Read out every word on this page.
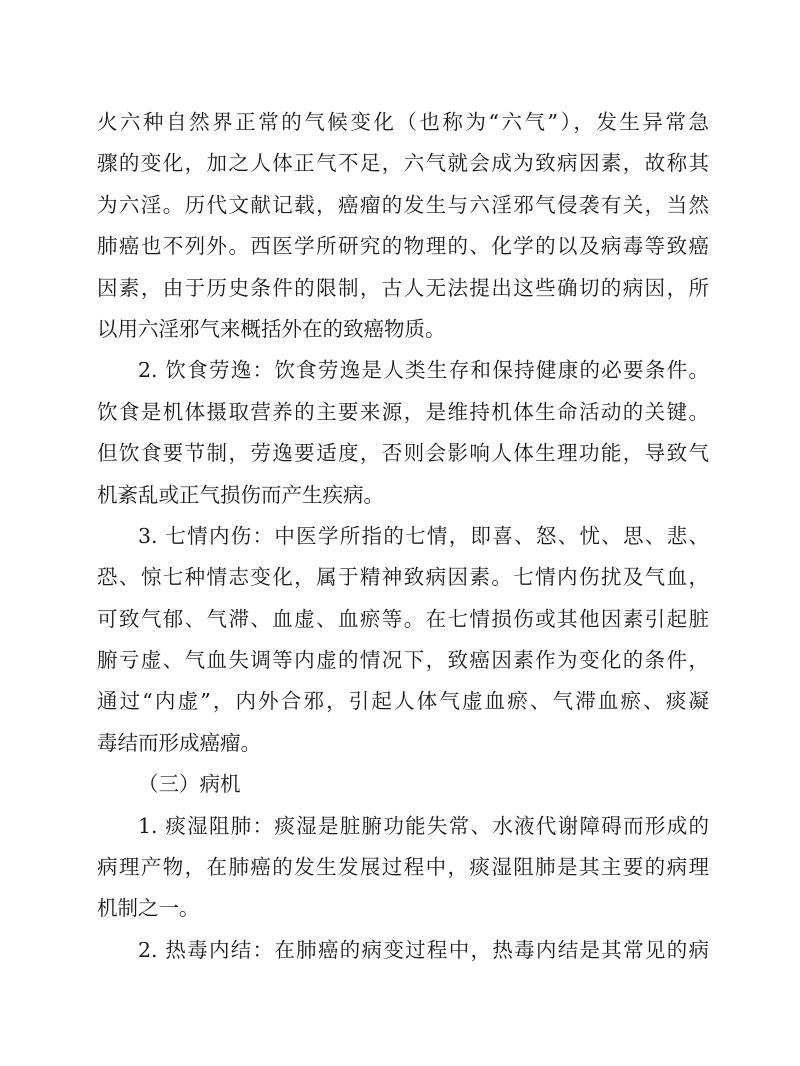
火六种自然界正常的气候变化（也称为“六气”），发生异常急
骤的变化，加之人体正气不足，六气就会成为致病因素，故称其
为六淫。历代文献记载，癌瘤的发生与六淫邪气侵袭有关，当然
肺癌也不列外。西医学所研究的物理的、化学的以及病毒等致癌
因素，由于历史条件的限制，古人无法提出这些确切的病因，所
以用六淫邪气来概括外在的致癌物质。
2. 饮食劳逸：饮食劳逸是人类生存和保持健康的必要条件。
饮食是机体摄取营养的主要来源，是维持机体生命活动的关键。
但饮食要节制，劳逸要适度，否则会影响人体生理功能，导致气
机紊乱或正气损伤而产生疾病。
3. 七情内伤：中医学所指的七情，即喜、怒、忧、思、悲、
恐、惊七种情志变化，属于精神致病因素。七情内伤扰及气血，
可致气郁、气滞、血虚、血瘀等。在七情损伤或其他因素引起脏
腑亏虚、气血失调等内虚的情况下，致癌因素作为变化的条件，
通过“内虚”，内外合邪，引起人体气虚血瘀、气滞血瘀、痰凝
毒结而形成癌瘤。
（三）病机
1. 痰湿阻肺：痰湿是脏腑功能失常、水液代谢障碍而形成的
病理产物，在肺癌的发生发展过程中，痰湿阻肺是其主要的病理
机制之一。
2. 热毒内结：在肺癌的病变过程中，热毒内结是其常见的病
